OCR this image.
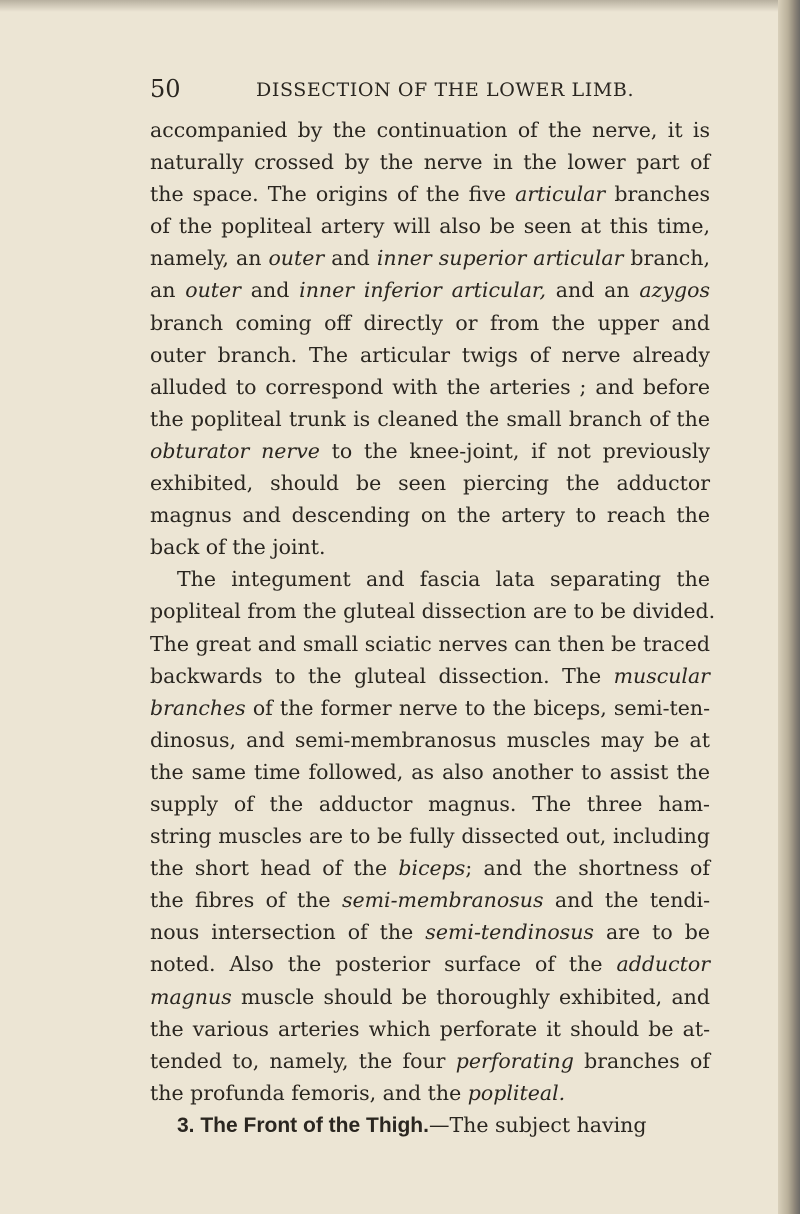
50	DISSECTION OF THE LOWER LIMB.
accompanied by the continuation of the nerve, it is
naturally crossed by the nerve in the lower part of
the space. The origins of the five articular branches
of the popliteal artery will also be seen at this time,
namely, an outer and inner superior articular branch,
an outer and inner inferior articular, and an azygos
branch coming off directly or from the upper and
outer branch. The articular twigs of nerve already
alluded to correspond with the arteries ; and before
the popliteal trunk is cleaned the small branch of the
obturator nerve to the knee-joint, if not previously
exhibited, should be seen piercing the adductor
magnus and descending on the artery to reach the
back of the joint.
The integument and fascia lata separating the
popliteal from the gluteal dissection are to be divided.
The great and small sciatic nerves can then be traced
backwards to the gluteal dissection. The muscular
branches of the former nerve to the biceps, semi-ten-
dinosus, and semi-membranosus muscles may be at
the same time followed, as also another to assist the
supply of the adductor magnus. The three ham-
string muscles are to be fully dissected out, including
the short head of the biceps; and the shortness of
the fibres of the semi-membranosus and the tendi-
nous intersection of the semi-tendinosus are to be
noted. Also the posterior surface of the adductor
magnus muscle should be thoroughly exhibited, and
the various arteries which perforate it should be at-
tended to, namely, the four perforating branches of
the profunda femoris, and the popliteal.
3. The Front of the Thigh.—The subject having
